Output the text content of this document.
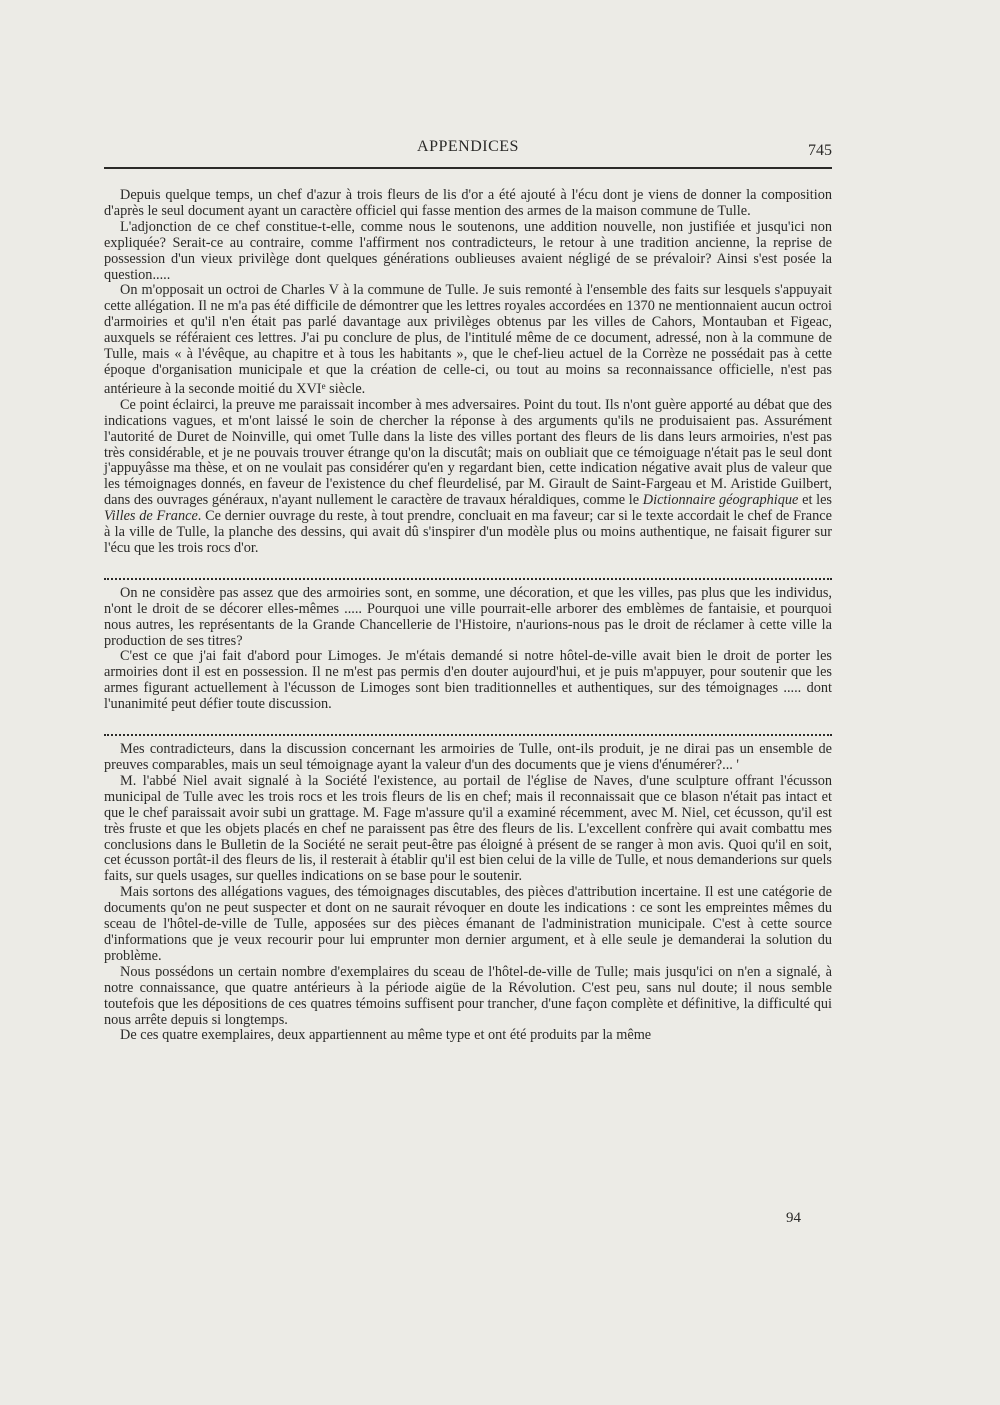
APPENDICES	745

Depuis quelque temps, un chef d'azur à trois fleurs de lis d'or a été ajouté à l'écu dont je viens de donner la composition d'après le seul document ayant un caractère officiel qui fasse mention des armes de la maison commune de Tulle.

L'adjonction de ce chef constitue-t-elle, comme nous le soutenons, une addition nouvelle, non justifiée et jusqu'ici non expliquée? Serait-ce au contraire, comme l'affirment nos contradicteurs, le retour à une tradition ancienne, la reprise de possession d'un vieux privilège dont quelques générations oublieuses avaient négligé de se prévaloir? Ainsi s'est posée la question.....

On m'opposait un octroi de Charles V à la commune de Tulle. Je suis remonté à l'ensemble des faits sur lesquels s'appuyait cette allégation. Il ne m'a pas été difficile de démontrer que les lettres royales accordées en 1370 ne mentionnaient aucun octroi d'armoiries et qu'il n'en était pas parlé davantage aux privilèges obtenus par les villes de Cahors, Montauban et Figeac, auxquels se référaient ces lettres. J'ai pu conclure de plus, de l'intitulé même de ce document, adressé, non à la commune de Tulle, mais « à l'évêque, au chapitre et à tous les habitants », que le chef-lieu actuel de la Corrèze ne possédait pas à cette époque d'organisation municipale et que la création de celle-ci, ou tout au moins sa reconnaissance officielle, n'est pas antérieure à la seconde moitié du XVIe siècle.

Ce point éclairci, la preuve me paraissait incomber à mes adversaires. Point du tout. Ils n'ont guère apporté au débat que des indications vagues, et m'ont laissé le soin de chercher la réponse à des arguments qu'ils ne produisaient pas. Assurément l'autorité de Duret de Noinville, qui omet Tulle dans la liste des villes portant des fleurs de lis dans leurs armoiries, n'est pas très considérable, et je ne pouvais trouver étrange qu'on la discutât; mais on oubliait que ce témoiguage n'était pas le seul dont j'appuyâsse ma thèse, et on ne voulait pas considérer qu'en y regardant bien, cette indication négative avait plus de valeur que les témoignages donnés, en faveur de l'existence du chef fleurdelisé, par M. Girault de Saint-Fargeau et M. Aristide Guilbert, dans des ouvrages généraux, n'ayant nullement le caractère de travaux héraldiques, comme le Dictionnaire géographique et les Villes de France. Ce dernier ouvrage du reste, à tout prendre, concluait en ma faveur; car si le texte accordait le chef de France à la ville de Tulle, la planche des dessins, qui avait dû s'inspirer d'un modèle plus ou moins authentique, ne faisait figurer sur l'écu que les trois rocs d'or.

On ne considère pas assez que des armoiries sont, en somme, une décoration, et que les villes, pas plus que les individus, n'ont le droit de se décorer elles-mêmes ..... Pourquoi une ville pourrait-elle arborer des emblèmes de fantaisie, et pourquoi nous autres, les représentants de la Grande Chancellerie de l'Histoire, n'aurions-nous pas le droit de réclamer à cette ville la production de ses titres?

C'est ce que j'ai fait d'abord pour Limoges. Je m'étais demandé si notre hôtel-de-ville avait bien le droit de porter les armoiries dont il est en possession. Il ne m'est pas permis d'en douter aujourd'hui, et je puis m'appuyer, pour soutenir que les armes figurant actuellement à l'écusson de Limoges sont bien traditionnelles et authentiques, sur des témoignages ..... dont l'unanimité peut défier toute discussion.

Mes contradicteurs, dans la discussion concernant les armoiries de Tulle, ont-ils produit, je ne dirai pas un ensemble de preuves comparables, mais un seul témoignage ayant la valeur d'un des documents que je viens d'énumérer?... '

M. l'abbé Niel avait signalé à la Société l'existence, au portail de l'église de Naves, d'une sculpture offrant l'écusson municipal de Tulle avec les trois rocs et les trois fleurs de lis en chef; mais il reconnaissait que ce blason n'était pas intact et que le chef paraissait avoir subi un grattage. M. Fage m'assure qu'il a examiné récemment, avec M. Niel, cet écusson, qu'il est très fruste et que les objets placés en chef ne paraissent pas être des fleurs de lis. L'excellent confrère qui avait combattu mes conclusions dans le Bulletin de la Société ne serait peut-être pas éloigné à présent de se ranger à mon avis. Quoi qu'il en soit, cet écusson portât-il des fleurs de lis, il resterait à établir qu'il est bien celui de la ville de Tulle, et nous demanderions sur quels faits, sur quels usages, sur quelles indications on se base pour le soutenir.

Mais sortons des allégations vagues, des témoignages discutables, des pièces d'attribution incertaine. Il est une catégorie de documents qu'on ne peut suspecter et dont on ne saurait révoquer en doute les indications : ce sont les empreintes mêmes du sceau de l'hôtel-de-ville de Tulle, apposées sur des pièces émanant de l'administration municipale. C'est à cette source d'informations que je veux recourir pour lui emprunter mon dernier argument, et à elle seule je demanderai la solution du problème.

Nous possédons un certain nombre d'exemplaires du sceau de l'hôtel-de-ville de Tulle; mais jusqu'ici on n'en a signalé, à notre connaissance, que quatre antérieurs à la période aigüe de la Révolution. C'est peu, sans nul doute; il nous semble toutefois que les dépositions de ces quatres témoins suffisent pour trancher, d'une façon complète et définitive, la difficulté qui nous arrête depuis si longtemps.

De ces quatre exemplaires, deux appartiennent au même type et ont été produits par la même

94
